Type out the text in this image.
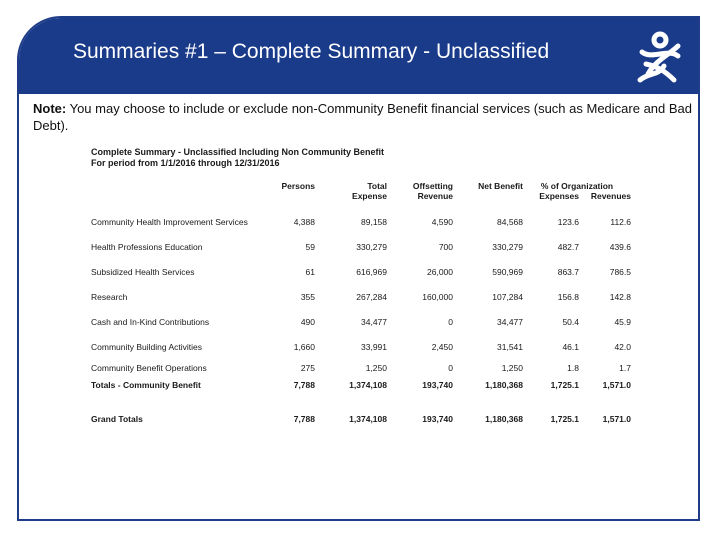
Summaries #1 – Complete Summary - Unclassified
Note: You may choose to include or exclude non-Community Benefit financial services (such as Medicare and Bad Debt).
Complete Summary - Unclassified Including Non Community Benefit
For period from 1/1/2016 through 12/31/2016
	Persons	Total	Offsetting	Net Benefit	% of Organization	
		Expense	Revenue		Expenses	Revenues
Community Health Improvement Services	4,388	89,158	4,590	84,568	123.6	112.6
Health Professions Education	59	330,279	700	330,279	482.7	439.6
Subsidized Health Services	61	616,969	26,000	590,969	863.7	786.5
Research	355	267,284	160,000	107,284	156.8	142.8
Cash and In-Kind Contributions	490	34,477	0	34,477	50.4	45.9
Community Building Activities	1,660	33,991	2,450	31,541	46.1	42.0
Community Benefit Operations	275	1,250	0	1,250	1.8	1.7
Totals - Community Benefit	7,788	1,374,108	193,740	1,180,368	1,725.1	1,571.0

Grand Totals	7,788	1,374,108	193,740	1,180,368	1,725.1	1,571.0
